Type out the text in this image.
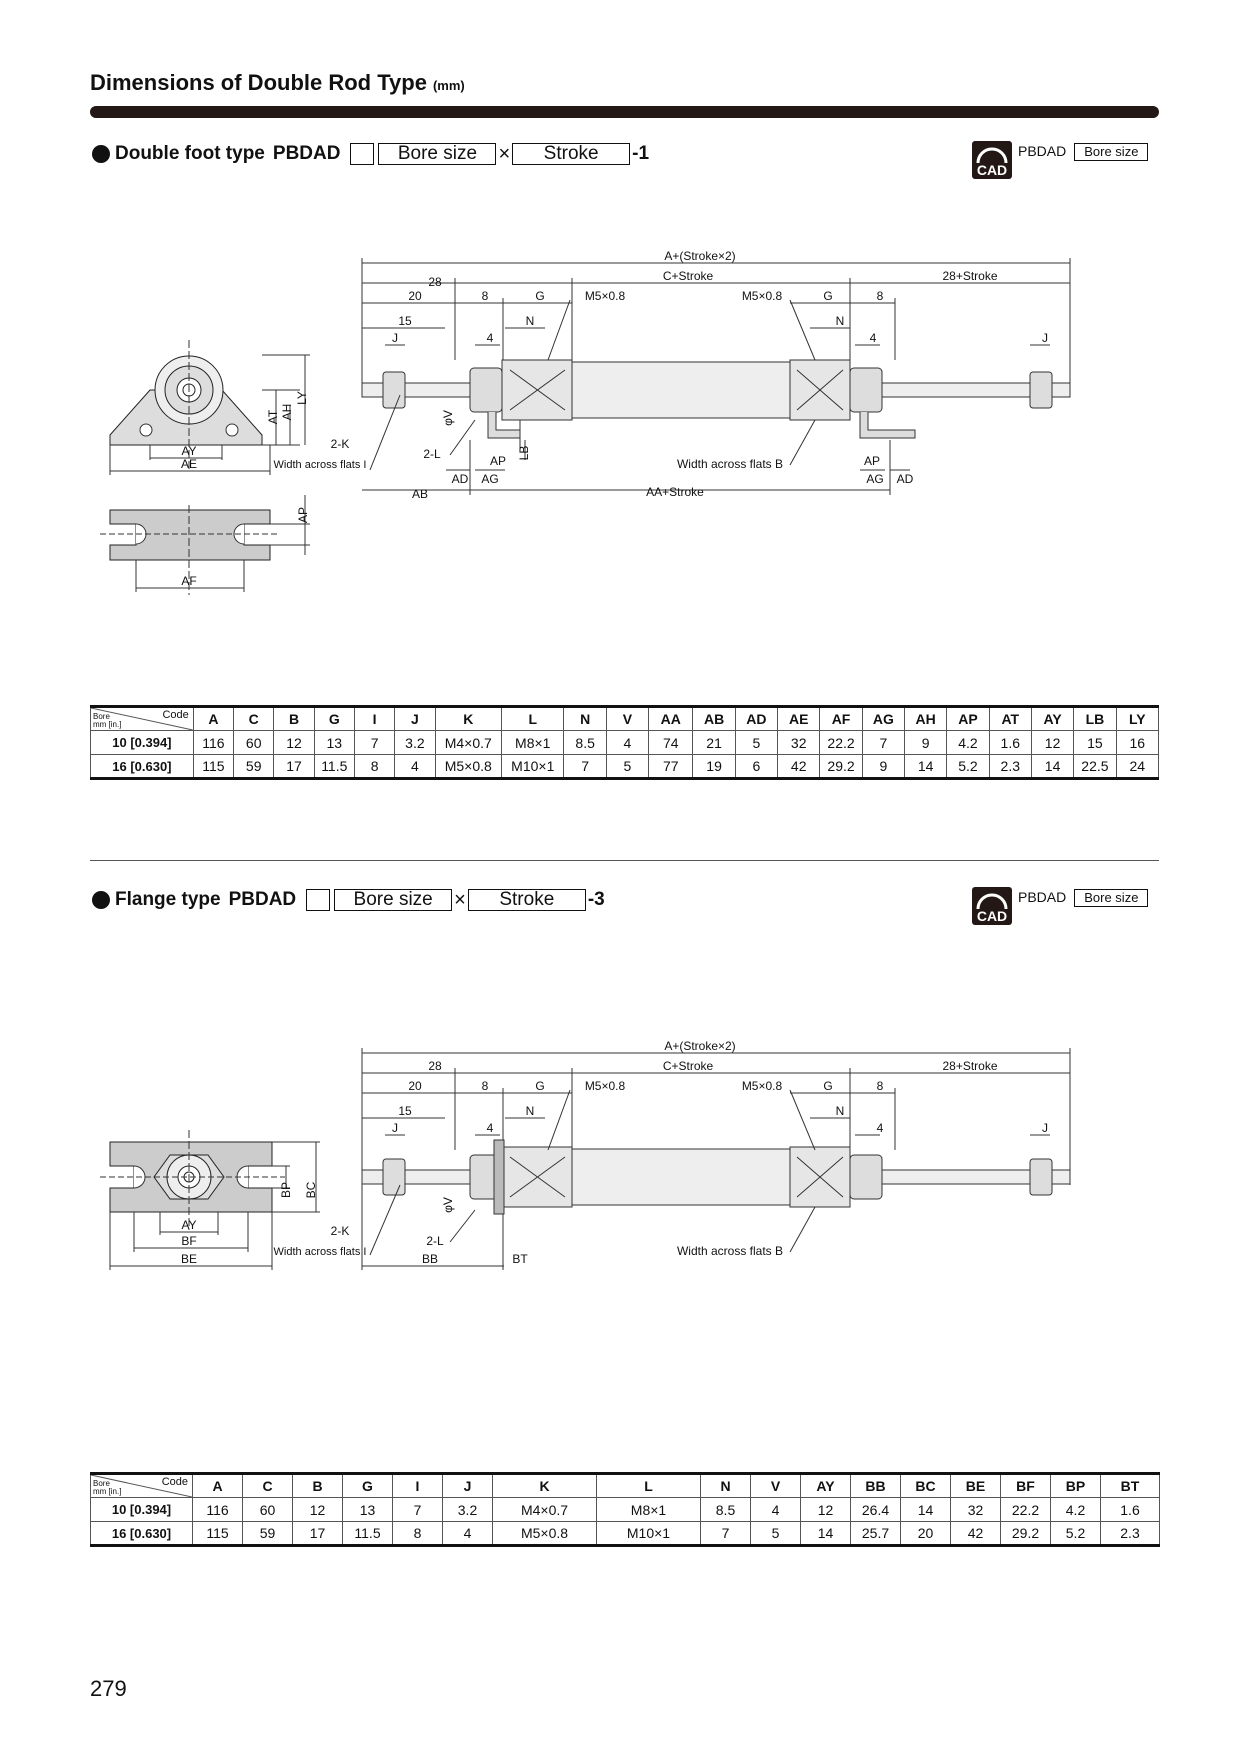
Dimensions of Double Rod Type (mm)
Double foot type PBDAD	Bore size	×	Stroke	-1
CAD
PBDAD	Bore size
A+(Stroke×2)
28	C+Stroke	28+Stroke
20	8	G	M5×0.8	M5×0.8	G	8
15	N	N
J	4	4	J
AT AH
LY
2-K
Width across flats I
φV
2-L	AP
LB
Width across flats B	AP
AD AG	AG AD
AB	AA+Stroke
AY
AE
AP
AF
Code
Bore
mm [in.]	A	C	B	G	I	J	K	L	N	V	AA	AB	AD	AE	AF	AG	AH	AP	AT	AY	LB	LY
10 [0.394]	116	60	12	13	7	3.2	M4×0.7	M8×1	8.5	4	74	21	5	32	22.2	7	9	4.2	1.6	12	15	16
16 [0.630]	115	59	17	11.5	8	4	M5×0.8	M10×1	7	5	77	19	6	42	29.2	9	14	5.2	2.3	14	22.5	24
Flange type PBDAD	Bore size	×	Stroke	-3
CAD
PBDAD	Bore size
A+(Stroke×2)
28	C+Stroke	28+Stroke
20	8	G	M5×0.8	M5×0.8	G	8
15	N	N
J	4	4	J
BP BC
2-K
Width across flats I
φV
2-L
Width across flats B
BB	BT
AY
BF
BE
Code
Bore
mm [in.]	A	C	B	G	I	J	K	L	N	V	AY	BB	BC	BE	BF	BP	BT
10 [0.394]	116	60	12	13	7	3.2	M4×0.7	M8×1	8.5	4	12	26.4	14	32	22.2	4.2	1.6
16 [0.630]	115	59	17	11.5	8	4	M5×0.8	M10×1	7	5	14	25.7	20	42	29.2	5.2	2.3
279
